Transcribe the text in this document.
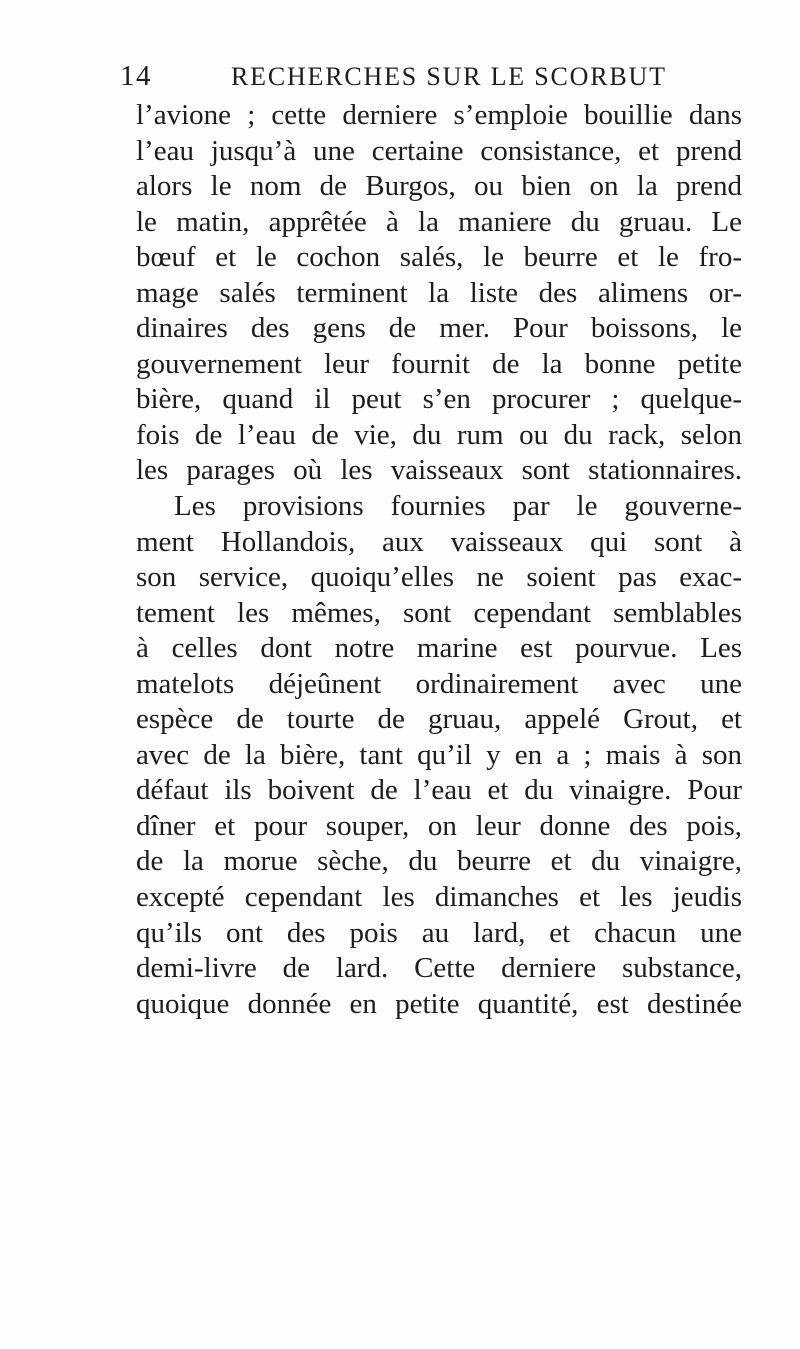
14	RECHERCHES SUR LE SCORBUT
l’avione ; cette derniere s’emploie bouillie dans
l’eau jusqu’à une certaine consistance, et prend
alors le nom de Burgos, ou bien on la prend
le matin, apprêtée à la maniere du gruau. Le
bœuf et le cochon salés, le beurre et le fro-
mage salés terminent la liste des alimens or-
dinaires des gens de mer. Pour boissons, le
gouvernement leur fournit de la bonne petite
bière, quand il peut s’en procurer ; quelque-
fois de l’eau de vie, du rum ou du rack, selon
les parages où les vaisseaux sont stationnaires.
Les provisions fournies par le gouverne-
ment Hollandois, aux vaisseaux qui sont à
son service, quoiqu’elles ne soient pas exac-
tement les mêmes, sont cependant semblables
à celles dont notre marine est pourvue. Les
matelots déjeûnent ordinairement avec une
espèce de tourte de gruau, appelé Grout, et
avec de la bière, tant qu’il y en a ; mais à son
défaut ils boivent de l’eau et du vinaigre. Pour
dîner et pour souper, on leur donne des pois,
de la morue sèche, du beurre et du vinaigre,
excepté cependant les dimanches et les jeudis
qu’ils ont des pois au lard, et chacun une
demi-livre de lard. Cette derniere substance,
quoique donnée en petite quantité, est destinée
